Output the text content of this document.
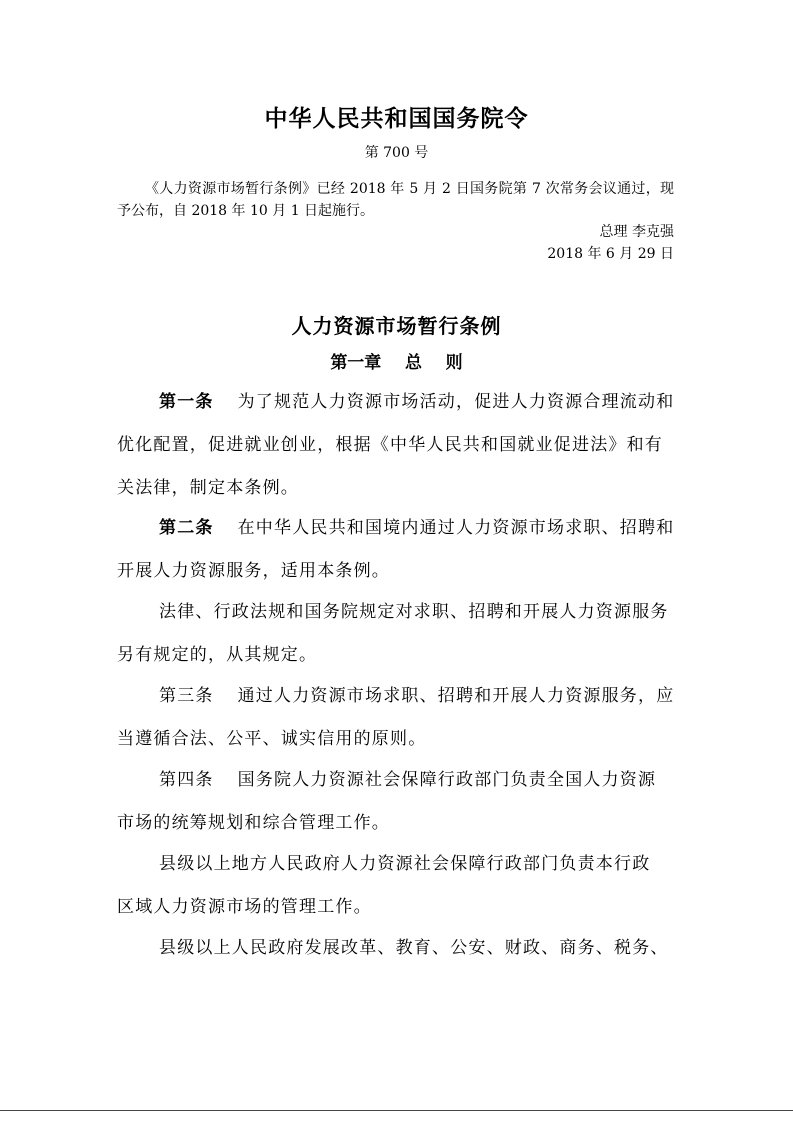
中华人民共和国国务院令
第 700 号
《人力资源市场暂行条例》已经 2018 年 5 月 2 日国务院第 7 次常务会议通过，现予公布，自 2018 年 10 月 1 日起施行。
总理 李克强
2018 年 6 月 29 日
人力资源市场暂行条例
第一章    总    则
第一条 为了规范人力资源市场活动，促进人力资源合理流动和
优化配置，促进就业创业，根据《中华人民共和国就业促进法》和有
关法律，制定本条例。
第二条 在中华人民共和国境内通过人力资源市场求职、招聘和
开展人力资源服务，适用本条例。
法律、行政法规和国务院规定对求职、招聘和开展人力资源服务
另有规定的，从其规定。
第三条 通过人力资源市场求职、招聘和开展人力资源服务，应
当遵循合法、公平、诚实信用的原则。
第四条 国务院人力资源社会保障行政部门负责全国人力资源
市场的统筹规划和综合管理工作。
县级以上地方人民政府人力资源社会保障行政部门负责本行政
区域人力资源市场的管理工作。
县级以上人民政府发展改革、教育、公安、财政、商务、税务、
